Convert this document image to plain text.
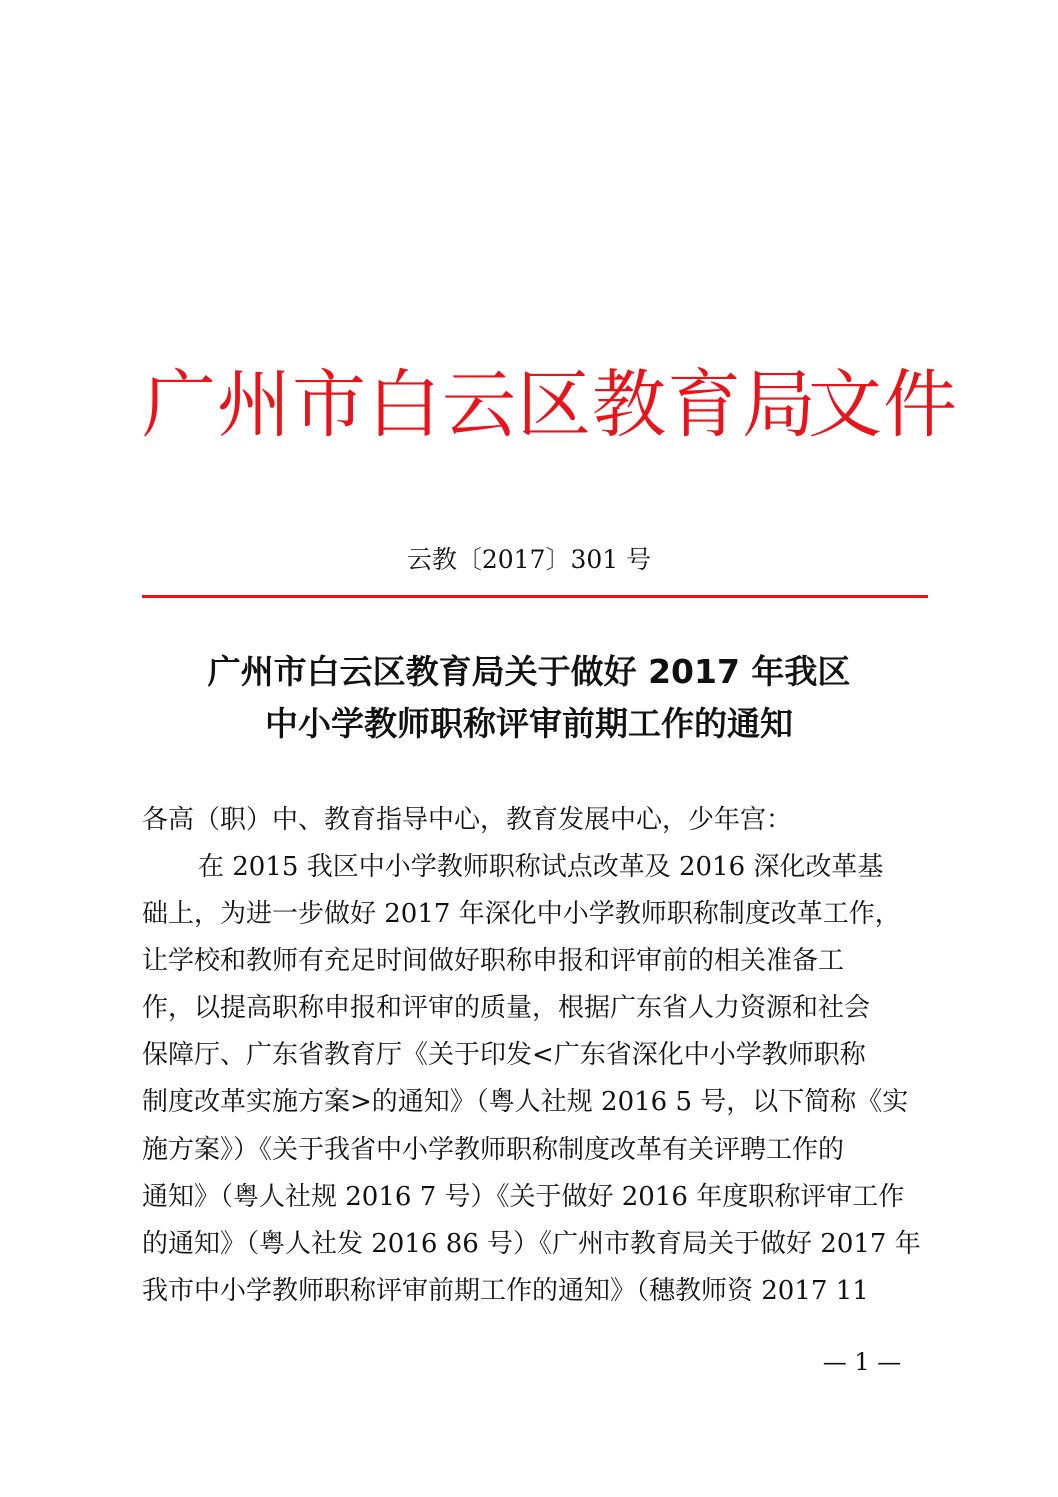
广州市白云区教育局
文件
云教〔2017〕301 号
广州市白云区教育局关于做好 2017 年我区
中小学教师职称评审前期工作的通知
各高（职）中、教育指导中心，教育发展中心，少年宫：
在 2015 我区中小学教师职称试点改革及 2016 深化改革基
础上，为进一步做好 2017 年深化中小学教师职称制度改革工作，
让学校和教师有充足时间做好职称申报和评审前的相关准备工
作，以提高职称申报和评审的质量，根据广东省人力资源和社会
保障厅、广东省教育厅《关于印发<广东省深化中小学教师职称
制度改革实施方案>的通知》（粤人社规 2016 5 号，以下简称《实
施方案》）《关于我省中小学教师职称制度改革有关评聘工作的
通知》（粤人社规 2016 7 号）《关于做好 2016 年度职称评审工作
的通知》（粤人社发 2016 86 号）《广州市教育局关于做好 2017 年
我市中小学教师职称评审前期工作的通知》（穗教师资 2017 11
— 1 —
